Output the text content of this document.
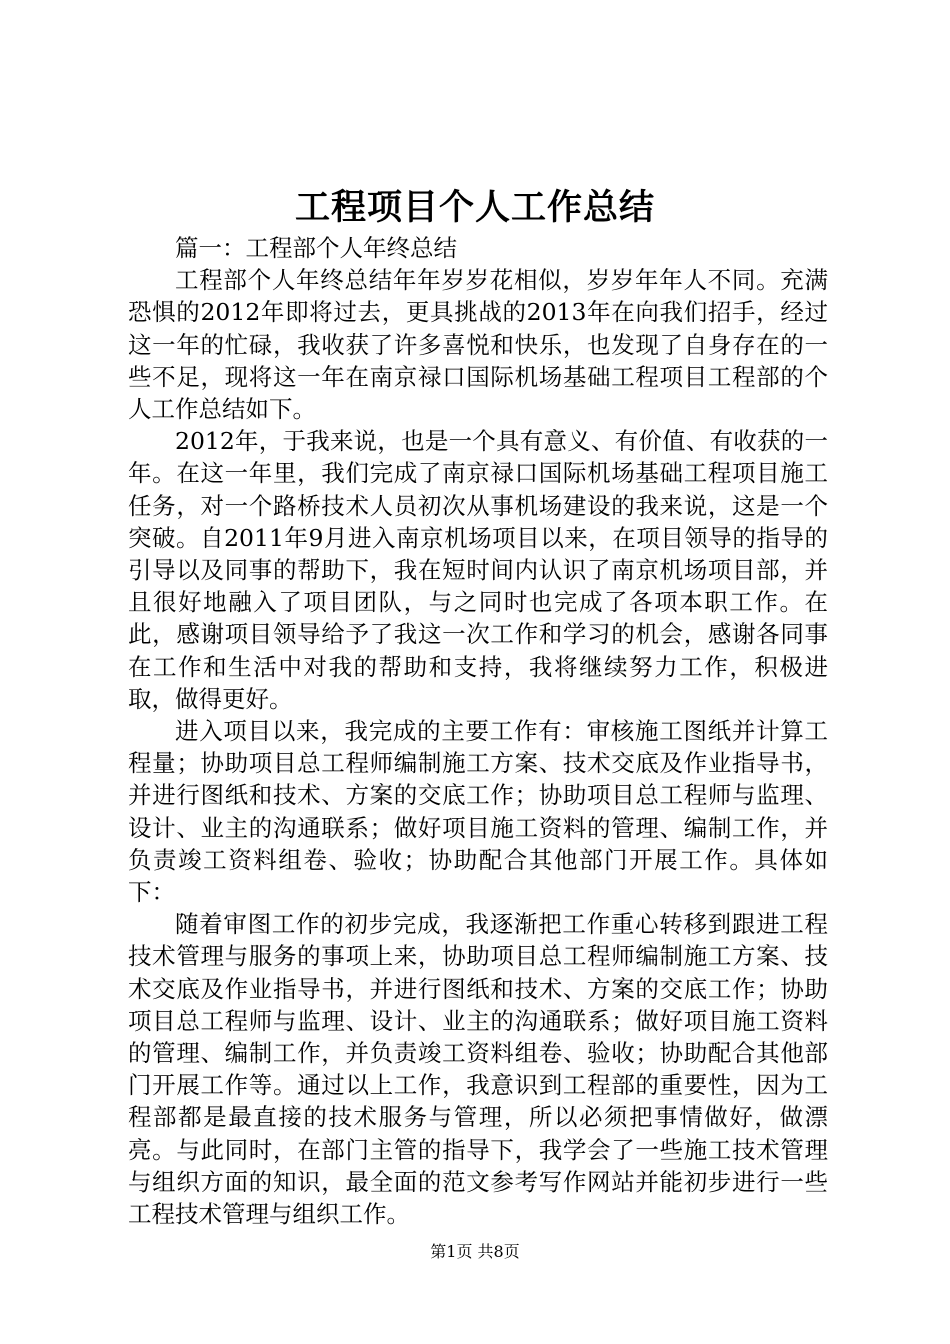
工程项目个人工作总结

篇一：工程部个人年终总结

工程部个人年终总结年年岁岁花相似，岁岁年年人不同。充满恐惧的2012年即将过去，更具挑战的2013年在向我们招手，经过这一年的忙碌，我收获了许多喜悦和快乐，也发现了自身存在的一些不足，现将这一年在南京禄口国际机场基础工程项目工程部的个人工作总结如下。

2012年，于我来说，也是一个具有意义、有价值、有收获的一年。在这一年里，我们完成了南京禄口国际机场基础工程项目施工任务，对一个路桥技术人员初次从事机场建设的我来说，这是一个突破。自2011年9月进入南京机场项目以来，在项目领导的指导的引导以及同事的帮助下，我在短时间内认识了南京机场项目部，并且很好地融入了项目团队，与之同时也完成了各项本职工作。在此，感谢项目领导给予了我这一次工作和学习的机会，感谢各同事在工作和生活中对我的帮助和支持，我将继续努力工作，积极进取，做得更好。

进入项目以来，我完成的主要工作有：审核施工图纸并计算工程量；协助项目总工程师编制施工方案、技术交底及作业指导书，并进行图纸和技术、方案的交底工作；协助项目总工程师与监理、设计、业主的沟通联系；做好项目施工资料的管理、编制工作，并负责竣工资料组卷、验收；协助配合其他部门开展工作。具体如下：

随着审图工作的初步完成，我逐渐把工作重心转移到跟进工程技术管理与服务的事项上来，协助项目总工程师编制施工方案、技术交底及作业指导书，并进行图纸和技术、方案的交底工作；协助项目总工程师与监理、设计、业主的沟通联系；做好项目施工资料的管理、编制工作，并负责竣工资料组卷、验收；协助配合其他部门开展工作等。通过以上工作，我意识到工程部的重要性，因为工程部都是最直接的技术服务与管理，所以必须把事情做好，做漂亮。与此同时，在部门主管的指导下，我学会了一些施工技术管理与组织方面的知识，最全面的范文参考写作网站并能初步进行一些工程技术管理与组织工作。

第1页 共8页
